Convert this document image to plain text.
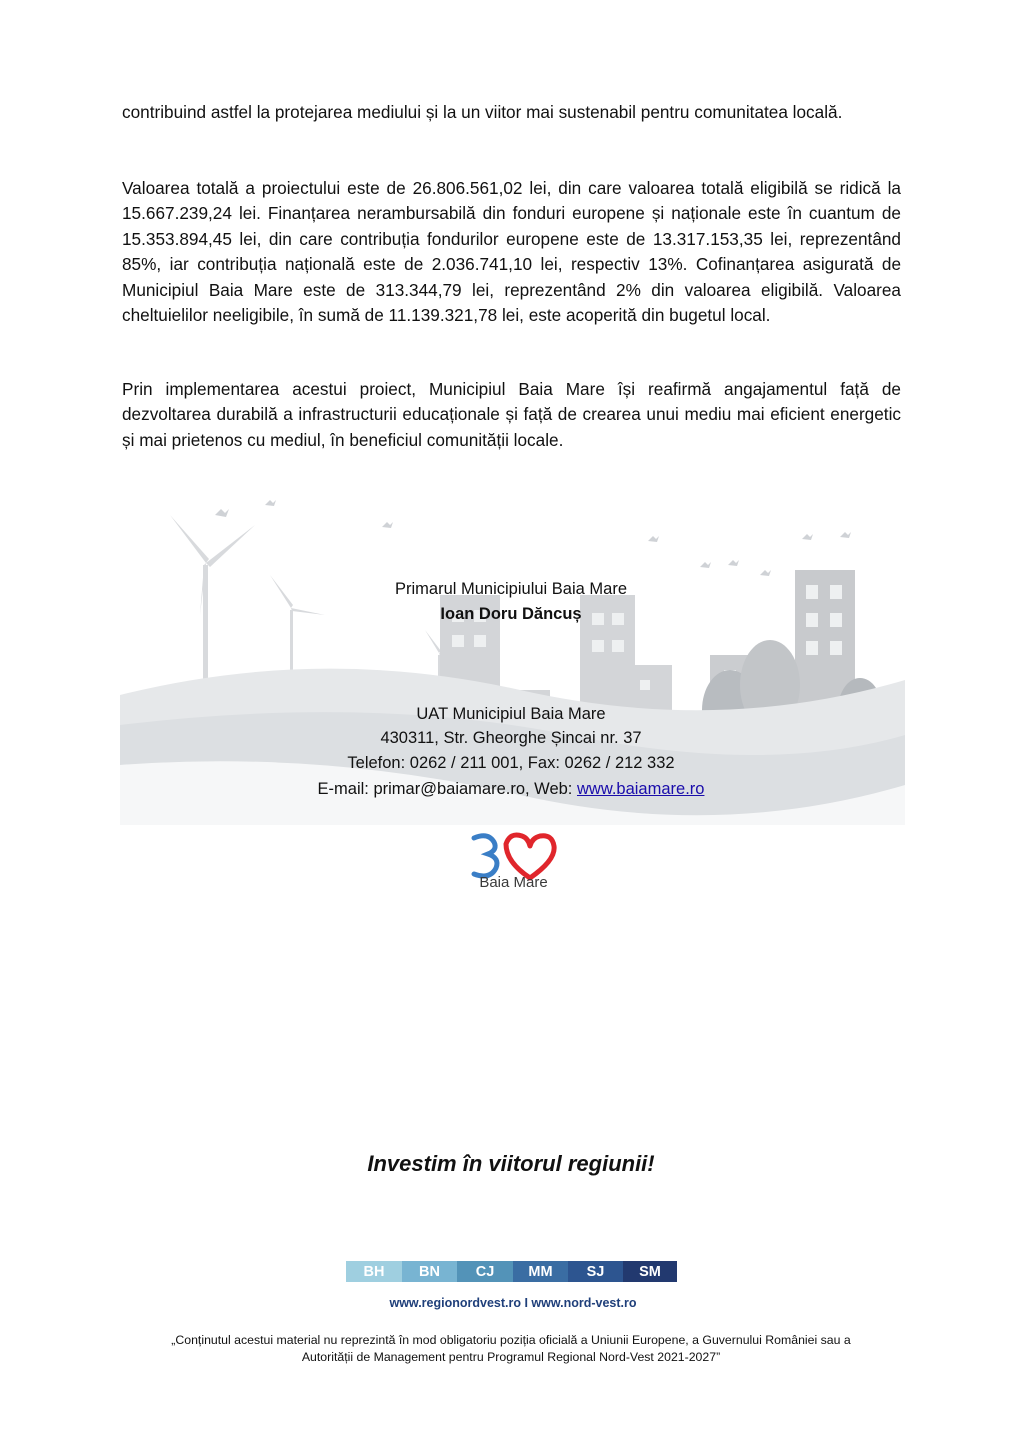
contribuind astfel la protejarea mediului și la un viitor mai sustenabil pentru comunitatea locală.

Valoarea totală a proiectului este de 26.806.561,02 lei, din care valoarea totală eligibilă se ridică la 15.667.239,24 lei. Finanțarea nerambursabilă din fonduri europene și naționale este în cuantum de 15.353.894,45 lei, din care contribuția fondurilor europene este de 13.317.153,35 lei, reprezentând 85%, iar contribuția națională este de 2.036.741,10 lei, respectiv 13%. Cofinanțarea asigurată de Municipiul Baia Mare este de 313.344,79 lei, reprezentând 2% din valoarea eligibilă. Valoarea cheltuielilor neeligibile, în sumă de 11.139.321,78 lei, este acoperită din bugetul local.

Prin implementarea acestui proiect, Municipiul Baia Mare își reafirmă angajamentul față de dezvoltarea durabilă a infrastructurii educaționale și față de crearea unui mediu mai eficient energetic și mai prietenos cu mediul, în beneficiul comunității locale.

Primarul Municipiului Baia Mare

Ioan Doru Dăncuș

UAT Municipiul Baia Mare

430311, Str. Gheorghe Șincai nr. 37

Telefon: 0262 / 211 001, Fax: 0262 / 212 332

E-mail: primar@baiamare.ro, Web: www.baiamare.ro

Baia Mare

Investim în viitorul regiunii!

BH	BN	CJ	MM	SJ	SM
www.regionordvest.ro I www.nord-vest.ro

„Conținutul acestui material nu reprezintă în mod obligatoriu poziția oficială a Uniunii Europene, a Guvernului României sau a Autorității de Management pentru Programul Regional Nord-Vest 2021-2027”
